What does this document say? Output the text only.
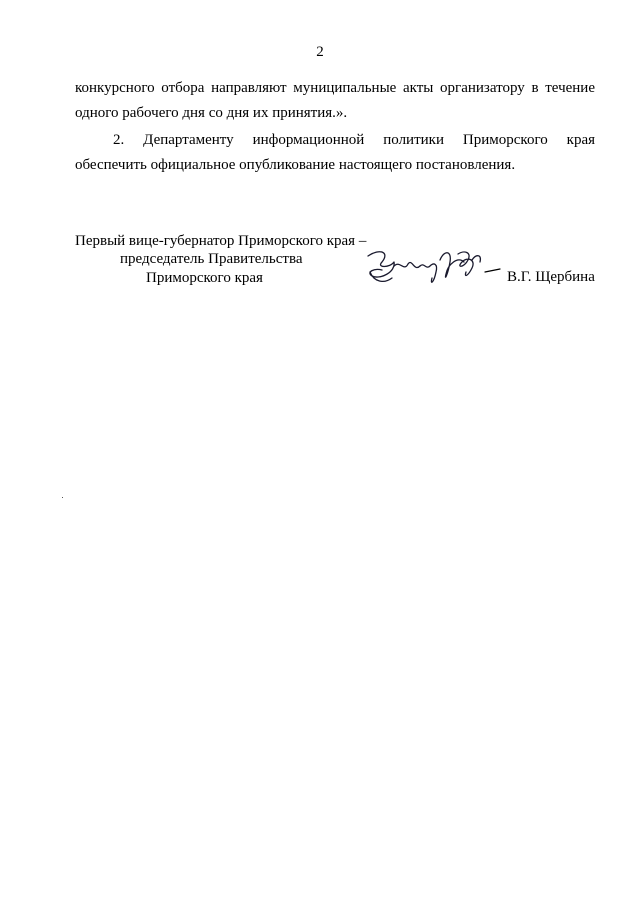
2
конкурсного отбора направляют муниципальные акты организатору в течение
одного рабочего дня со дня их принятия.».
2. Департаменту информационной политики Приморского края
обеспечить официальное опубликование настоящего постановления.
Первый вице-губернатор Приморского края –
председатель Правительства
Приморского края	В.Г. Щербина
